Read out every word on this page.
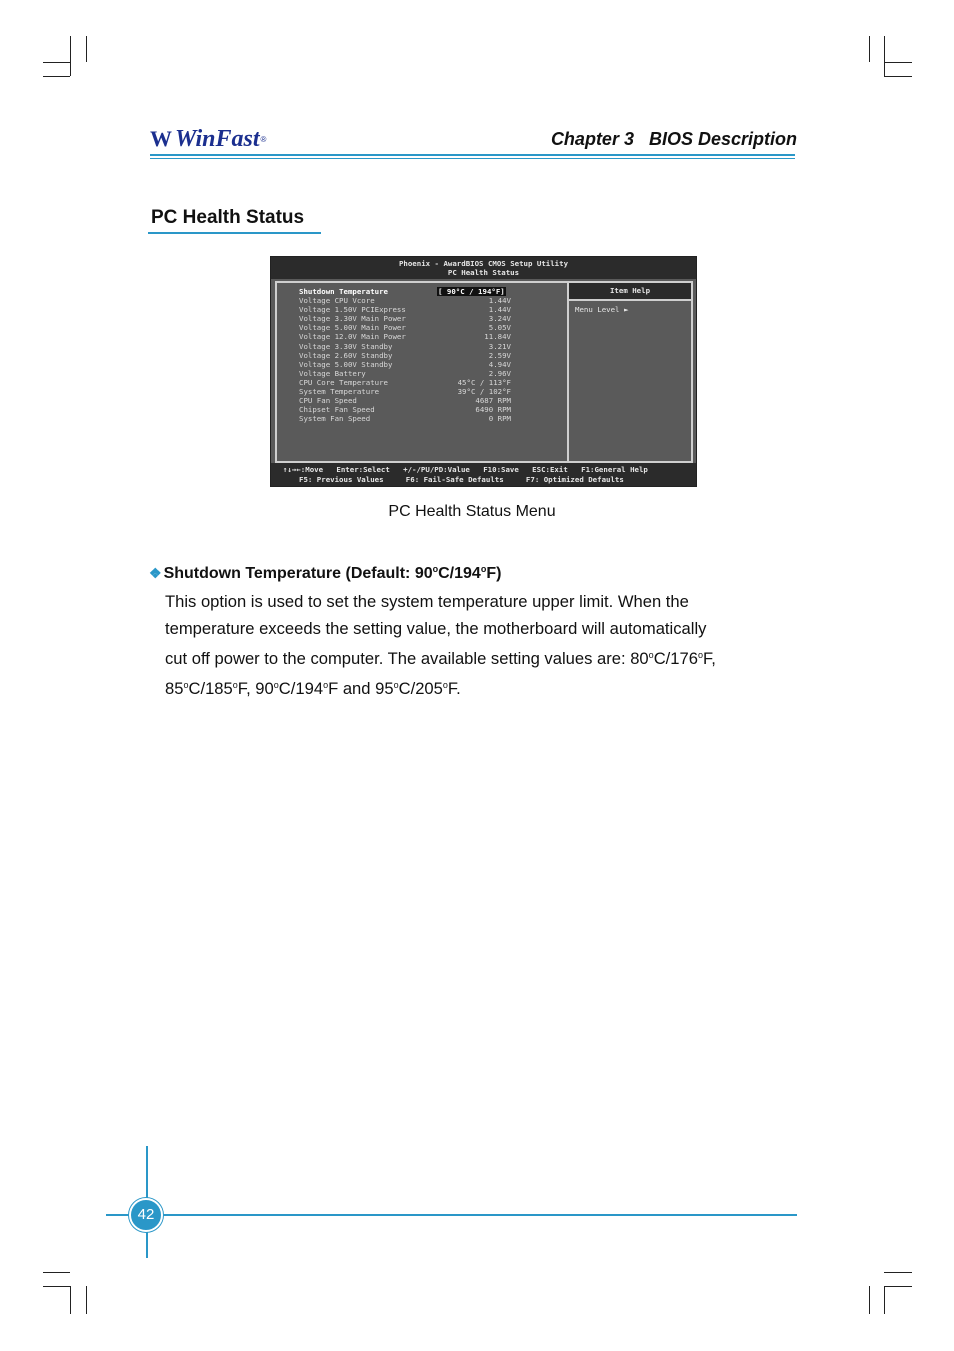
W WinFast ®	Chapter 3   BIOS Description
PC Health Status
Phoenix - AwardBIOS CMOS Setup Utility
PC Health Status
Shutdown Temperature	[ 90°C / 194°F]
Voltage CPU Vcore	1.44V
Voltage 1.50V PCIExpress	1.44V
Voltage 3.30V Main Power	3.24V
Voltage 5.00V Main Power	5.05V
Voltage 12.0V Main Power	11.84V
Voltage 3.30V Standby	3.21V
Voltage 2.60V Standby	2.59V
Voltage 5.00V Standby	4.94V
Voltage Battery	2.96V
CPU Core Temperature	45°C / 113°F
System Temperature	39°C / 102°F
CPU Fan Speed	4687 RPM
Chipset Fan Speed	6490 RPM
System Fan Speed	0 RPM
Item Help
Menu Level ►
↑↓→←:Move   Enter:Select   +/-/PU/PD:Value   F10:Save   ESC:Exit   F1:General Help
F5: Previous Values     F6: Fail-Safe Defaults     F7: Optimized Defaults
PC Health Status Menu
❖ Shutdown Temperature (Default: 90$^o$C/194$^o$F)

This option is used to set the system temperature upper limit. When the

temperature exceeds the setting value, the motherboard will automatically

cut off power to the computer. The available setting values are: 80$^o$C/176$^o$F,

85$^o$C/185$^o$F, 90$^o$C/194$^o$F and 95$^o$C/205$^o$F.

42
